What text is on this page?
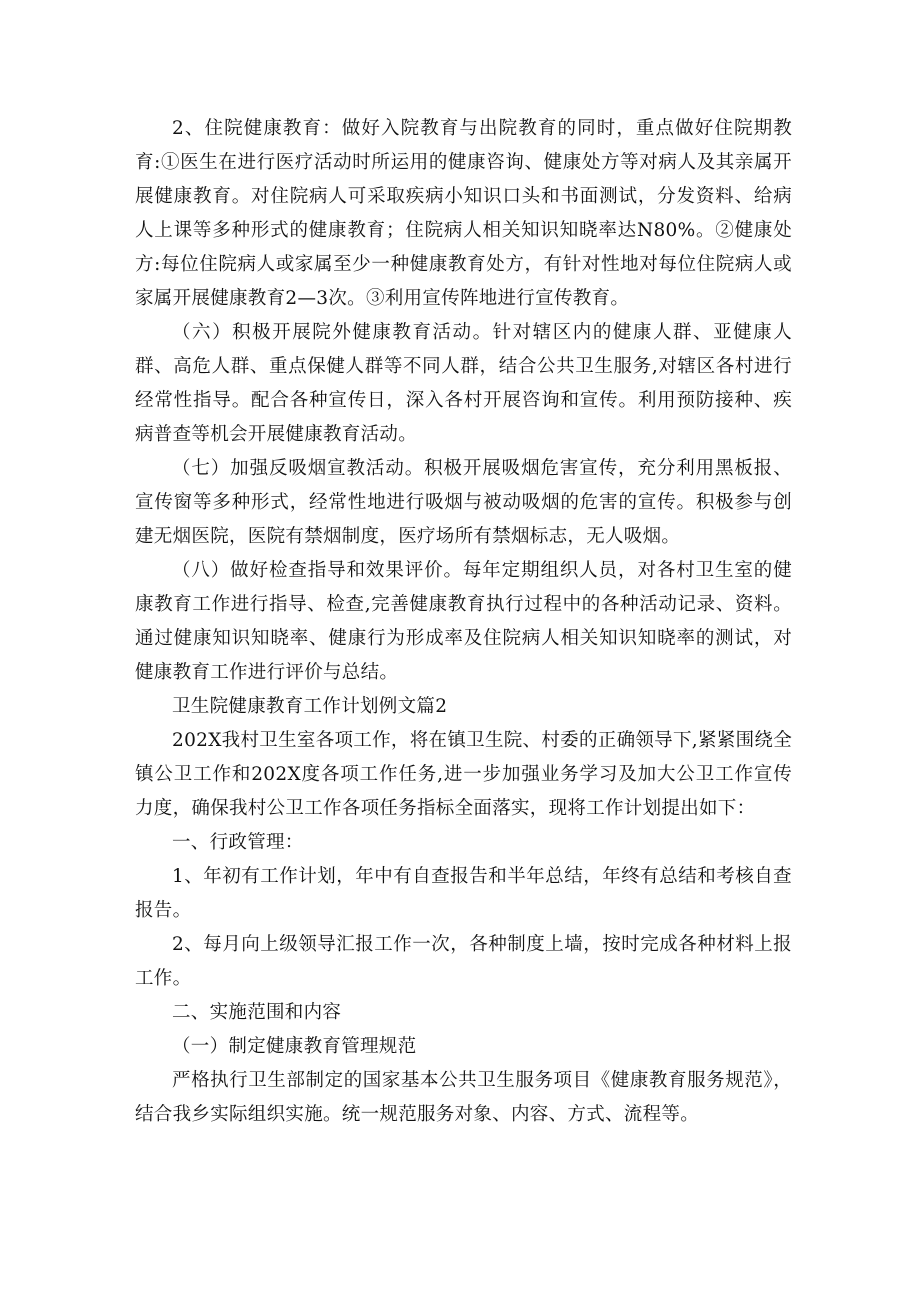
2、住院健康教育：做好入院教育与出院教育的同时，重点做好住院期教育:①医生在进行医疗活动时所运用的健康咨询、健康处方等对病人及其亲属开展健康教育。对住院病人可采取疾病小知识口头和书面测试，分发资料、给病人上课等多种形式的健康教育；住院病人相关知识知晓率达N80%。②健康处方:每位住院病人或家属至少一种健康教育处方，有针对性地对每位住院病人或家属开展健康教育2—3次。③利用宣传阵地进行宣传教育。

（六）积极开展院外健康教育活动。针对辖区内的健康人群、亚健康人群、高危人群、重点保健人群等不同人群，结合公共卫生服务,对辖区各村进行经常性指导。配合各种宣传日，深入各村开展咨询和宣传。利用预防接种、疾病普查等机会开展健康教育活动。

（七）加强反吸烟宣教活动。积极开展吸烟危害宣传，充分利用黑板报、宣传窗等多种形式，经常性地进行吸烟与被动吸烟的危害的宣传。积极参与创建无烟医院，医院有禁烟制度，医疗场所有禁烟标志，无人吸烟。

（八）做好检查指导和效果评价。每年定期组织人员，对各村卫生室的健康教育工作进行指导、检查,完善健康教育执行过程中的各种活动记录、资料。通过健康知识知晓率、健康行为形成率及住院病人相关知识知晓率的测试，对健康教育工作进行评价与总结。

卫生院健康教育工作计划例文篇2

202X我村卫生室各项工作，将在镇卫生院、村委的正确领导下,紧紧围绕全镇公卫工作和202X度各项工作任务,进一步加强业务学习及加大公卫工作宣传力度，确保我村公卫工作各项任务指标全面落实，现将工作计划提出如下：

一、行政管理：

1、年初有工作计划，年中有自查报告和半年总结，年终有总结和考核自查报告。

2、每月向上级领导汇报工作一次，各种制度上墙，按时完成各种材料上报工作。

二、实施范围和内容

（一）制定健康教育管理规范

严格执行卫生部制定的国家基本公共卫生服务项目《健康教育服务规范》，结合我乡实际组织实施。统一规范服务对象、内容、方式、流程等。
